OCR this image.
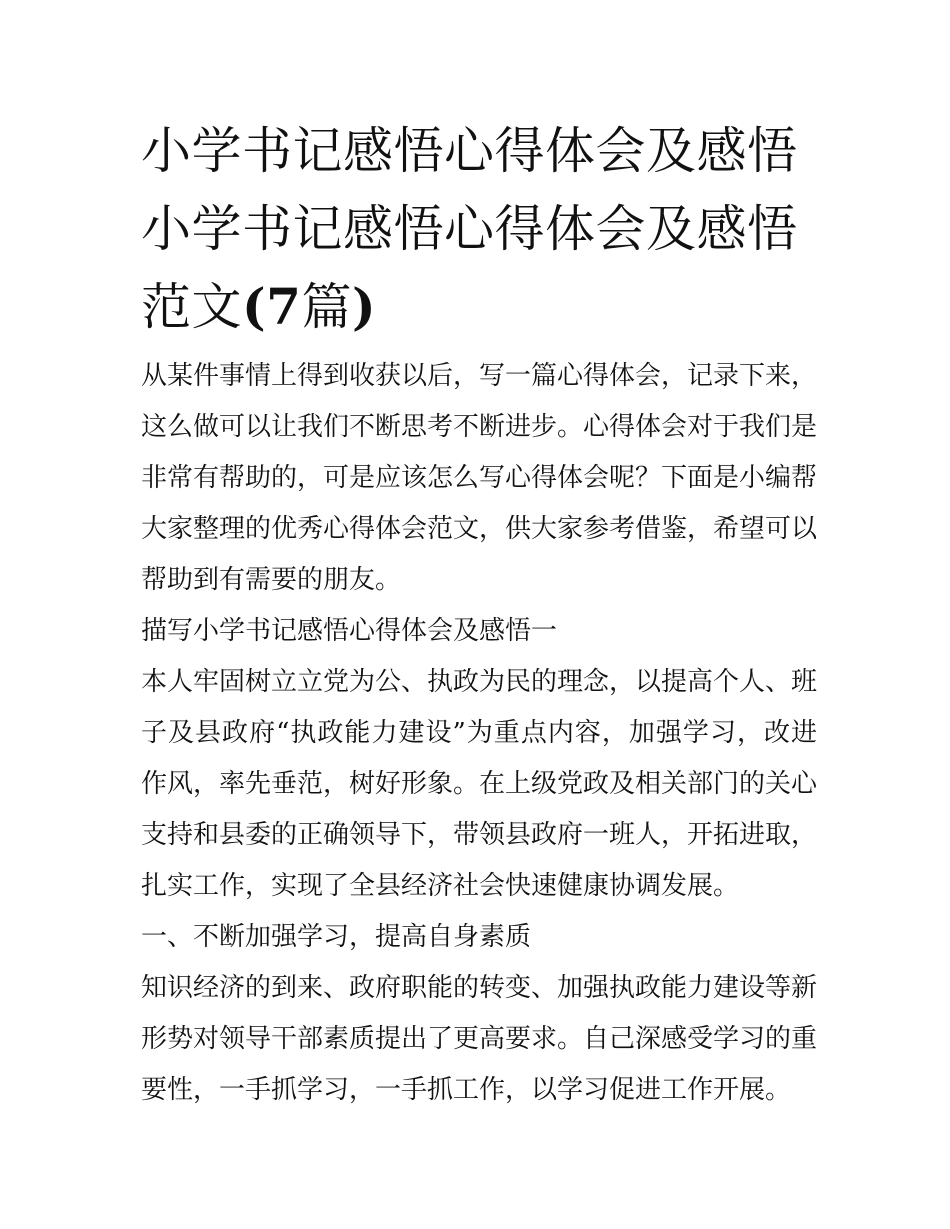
小学书记感悟心得体会及感悟
小学书记感悟心得体会及感悟
范文(7篇)

从某件事情上得到收获以后，写一篇心得体会，记录下来，这么做可以让我们不断思考不断进步。心得体会对于我们是非常有帮助的，可是应该怎么写心得体会呢？下面是小编帮大家整理的优秀心得体会范文，供大家参考借鉴，希望可以帮助到有需要的朋友。

描写小学书记感悟心得体会及感悟一

本人牢固树立立党为公、执政为民的理念，以提高个人、班子及县政府“执政能力建设”为重点内容，加强学习，改进作风，率先垂范，树好形象。在上级党政及相关部门的关心支持和县委的正确领导下，带领县政府一班人，开拓进取，扎实工作，实现了全县经济社会快速健康协调发展。

一、不断加强学习，提高自身素质

知识经济的到来、政府职能的转变、加强执政能力建设等新形势对领导干部素质提出了更高要求。自己深感受学习的重要性，一手抓学习，一手抓工作，以学习促进工作开展。
